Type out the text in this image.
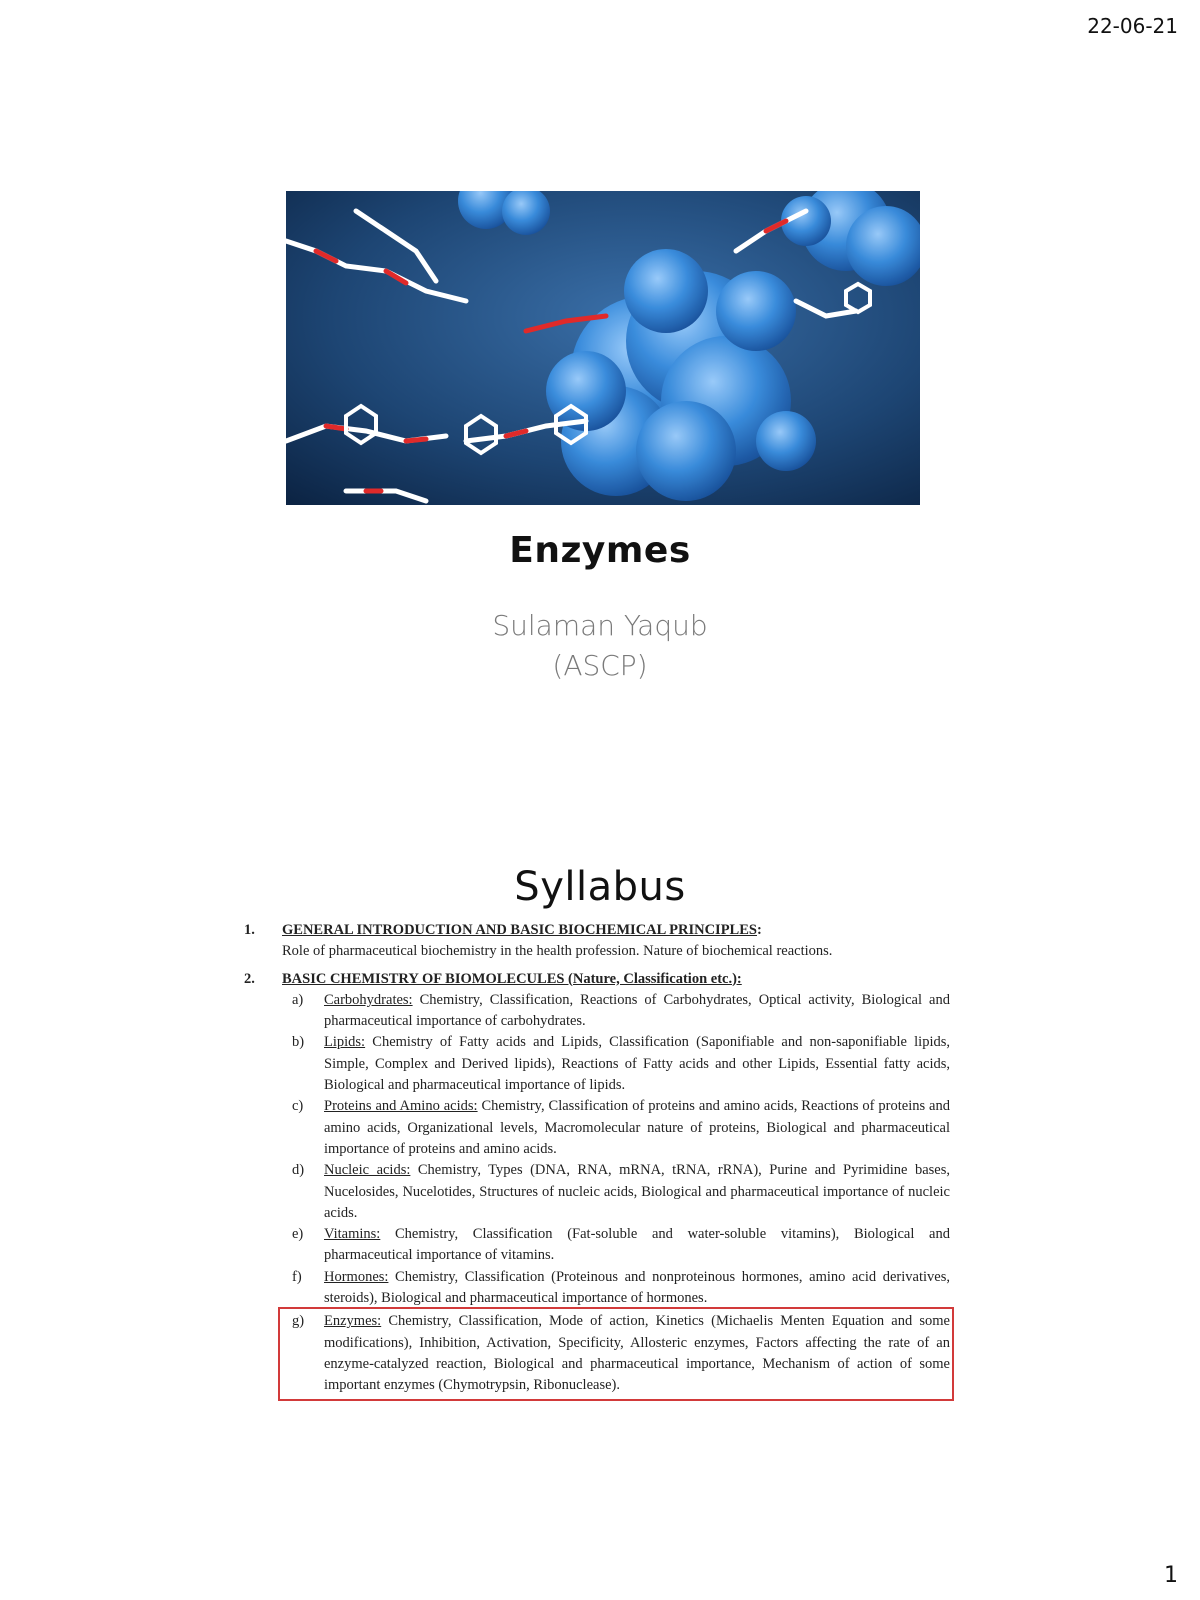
22-06-21
Enzymes
Sulaman Yaqub
(ASCP)
Syllabus
1.	GENERAL INTRODUCTION AND BASIC BIOCHEMICAL PRINCIPLES:
Role of pharmaceutical biochemistry in the health profession. Nature of biochemical reactions.
2.	BASIC CHEMISTRY OF BIOMOLECULES (Nature, Classification etc.):
a)	Carbohydrates: Chemistry, Classification, Reactions of Carbohydrates, Optical activity, Biological and pharmaceutical importance of carbohydrates.
b)	Lipids: Chemistry of Fatty acids and Lipids, Classification (Saponifiable and non-saponifiable lipids, Simple, Complex and Derived lipids), Reactions of Fatty acids and other Lipids, Essential fatty acids, Biological and pharmaceutical importance of lipids.
c)	Proteins and Amino acids: Chemistry, Classification of proteins and amino acids, Reactions of proteins and amino acids, Organizational levels, Macromolecular nature of proteins, Biological and pharmaceutical importance of proteins and amino acids.
d)	Nucleic acids: Chemistry, Types (DNA, RNA, mRNA, tRNA, rRNA), Purine and Pyrimidine bases, Nucelosides, Nucelotides, Structures of nucleic acids, Biological and pharmaceutical importance of nucleic acids.
e)	Vitamins: Chemistry, Classification (Fat-soluble and water-soluble vitamins), Biological and pharmaceutical importance of vitamins.
f)	Hormones: Chemistry, Classification (Proteinous and nonproteinous hormones, amino acid derivatives, steroids), Biological and pharmaceutical importance of hormones.
g)	Enzymes: Chemistry, Classification, Mode of action, Kinetics (Michaelis Menten Equation and some modifications), Inhibition, Activation, Specificity, Allosteric enzymes, Factors affecting the rate of an enzyme-catalyzed reaction, Biological and pharmaceutical importance, Mechanism of action of some important enzymes (Chymotrypsin, Ribonuclease).
1
